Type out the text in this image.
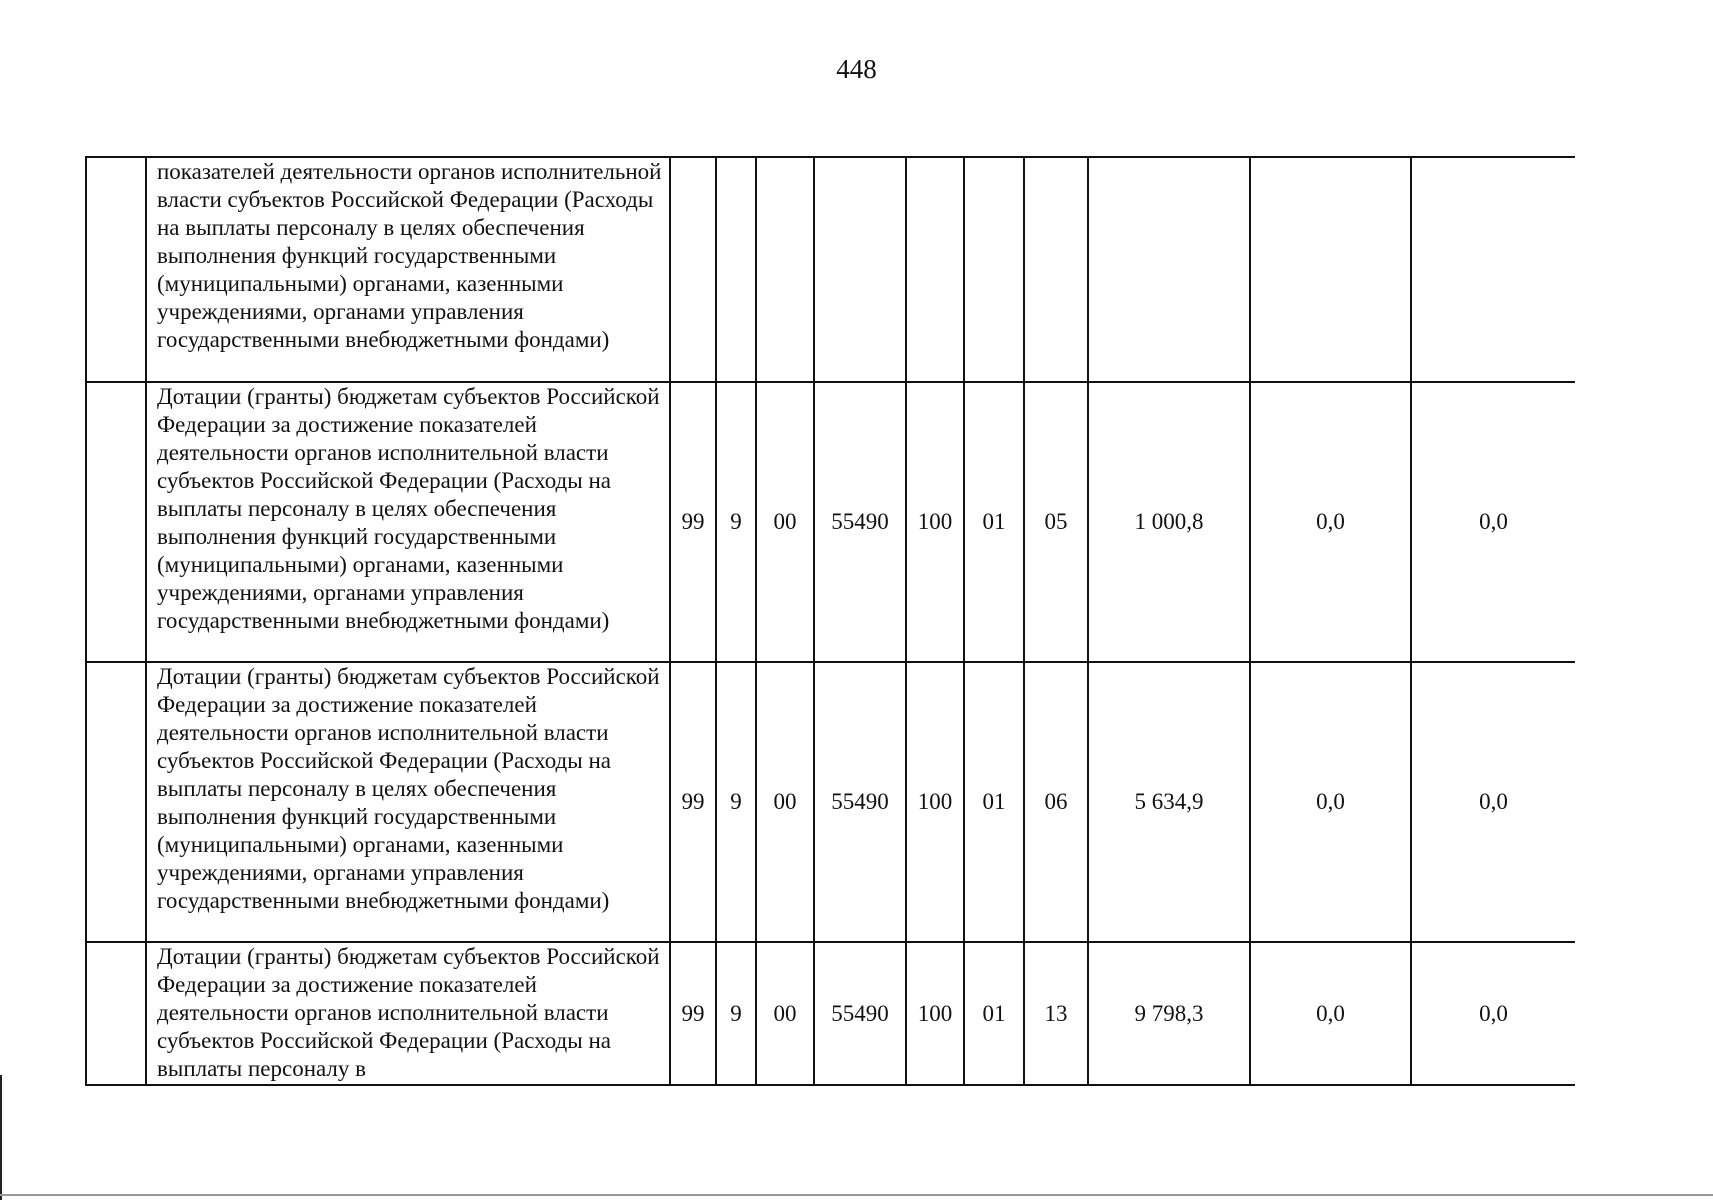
448
	показателей деятельности органов исполнительной власти субъектов Российской Федерации (Расходы на выплаты персоналу в целях обеспечения выполнения функций государственными (муниципальными) органами, казенными учреждениями, органами управления государственными внебюджетными фондами)										
	Дотации (гранты) бюджетам субъектов Российской Федерации за достижение показателей деятельности органов исполнительной власти субъектов Российской Федерации (Расходы на выплаты персоналу в целях обеспечения выполнения функций государственными (муниципальными) органами, казенными учреждениями, органами управления государственными внебюджетными фондами)	99	9	00	55490	100	01	05	1 000,8	0,0	0,0
	Дотации (гранты) бюджетам субъектов Российской Федерации за достижение показателей деятельности органов исполнительной власти субъектов Российской Федерации (Расходы на выплаты персоналу в целях обеспечения выполнения функций государственными (муниципальными) органами, казенными учреждениями, органами управления государственными внебюджетными фондами)	99	9	00	55490	100	01	06	5 634,9	0,0	0,0
	Дотации (гранты) бюджетам субъектов Российской Федерации за достижение показателей деятельности органов исполнительной власти субъектов Российской Федерации (Расходы на выплаты персоналу в	99	9	00	55490	100	01	13	9 798,3	0,0	0,0
